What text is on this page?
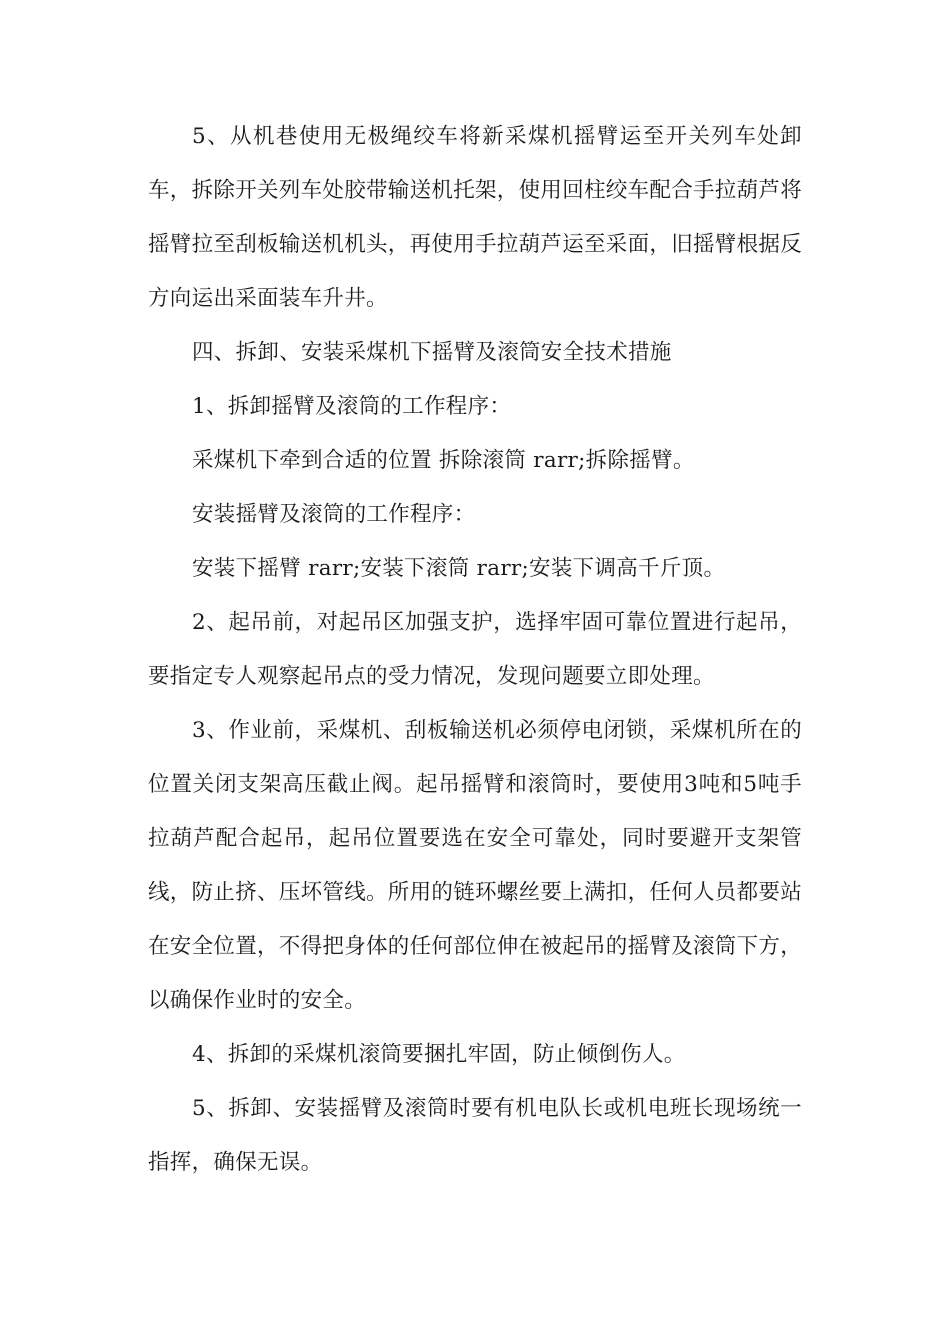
5、从机巷使用无极绳绞车将新采煤机摇臂运至开关列车处卸车，拆除开关列车处胶带输送机托架，使用回柱绞车配合手拉葫芦将摇臂拉至刮板输送机机头，再使用手拉葫芦运至采面，旧摇臂根据反方向运出采面装车升井。

四、拆卸、安装采煤机下摇臂及滚筒安全技术措施

1、拆卸摇臂及滚筒的工作程序：

采煤机下牵到合适的位置 拆除滚筒 rarr;拆除摇臂。

安装摇臂及滚筒的工作程序：

安装下摇臂 rarr;安装下滚筒 rarr;安装下调高千斤顶。

2、起吊前，对起吊区加强支护，选择牢固可靠位置进行起吊，要指定专人观察起吊点的受力情况，发现问题要立即处理。

3、作业前，采煤机、刮板输送机必须停电闭锁，采煤机所在的位置关闭支架高压截止阀。起吊摇臂和滚筒时，要使用3吨和5吨手拉葫芦配合起吊，起吊位置要选在安全可靠处，同时要避开支架管线，防止挤、压坏管线。所用的链环螺丝要上满扣，任何人员都要站在安全位置，不得把身体的任何部位伸在被起吊的摇臂及滚筒下方，以确保作业时的安全。

4、拆卸的采煤机滚筒要捆扎牢固，防止倾倒伤人。

5、拆卸、安装摇臂及滚筒时要有机电队长或机电班长现场统一指挥，确保无误。
